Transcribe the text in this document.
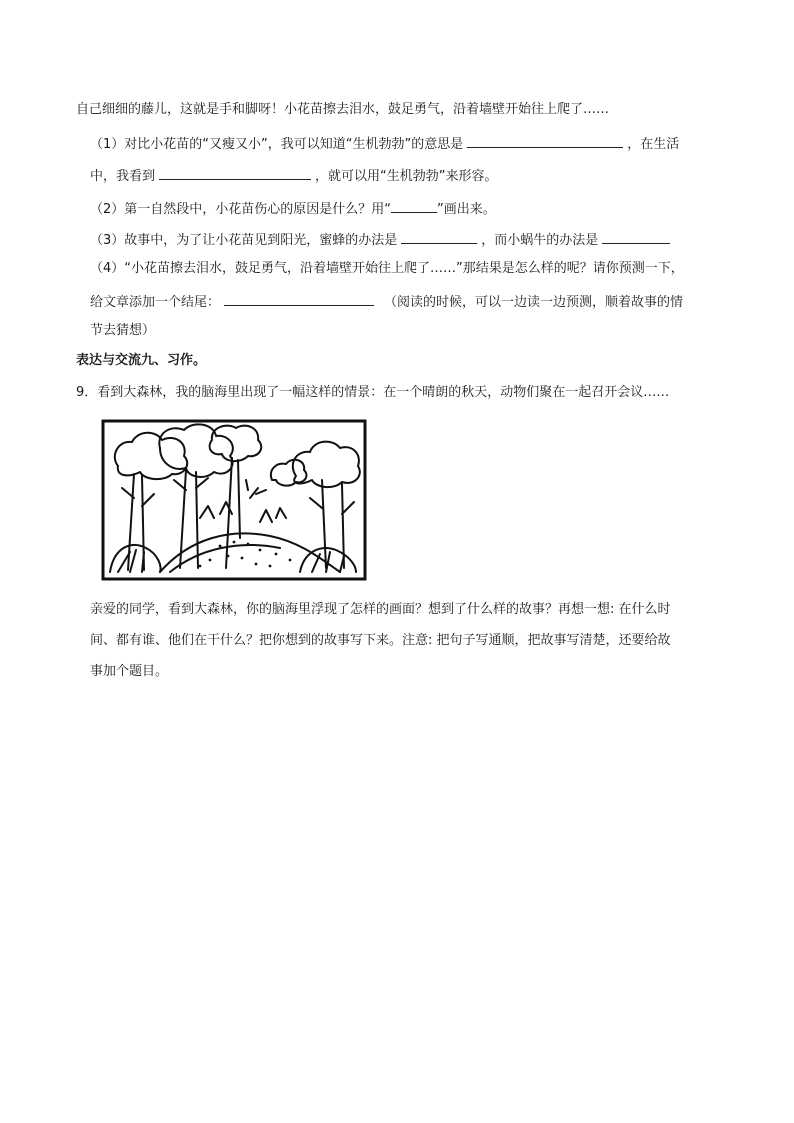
自己细细的藤儿，这就是手和脚呀！小花苗擦去泪水，鼓足勇气，沿着墙壁开始往上爬了……
（1）对比小花苗的“又瘦又小”，我可以知道“生机勃勃”的意思是	，在生活
中，我看到	，就可以用“生机勃勃”来形容。
（2）第一自然段中，小花苗伤心的原因是什么？用“	”画出来。
（3）故事中，为了让小花苗见到阳光，蜜蜂的办法是	，而小蜗牛的办法是
（4）“小花苗擦去泪水，鼓足勇气，沿着墙壁开始往上爬了……”那结果是怎么样的呢？请你预测一下，
给文章添加一个结尾：	（阅读的时候，可以一边读一边预测，顺着故事的情
节去猜想）
表达与交流九、习作。
9．看到大森林，我的脑海里出现了一幅这样的情景：在一个晴朗的秋天，动物们聚在一起召开会议……
亲爱的同学，看到大森林，你的脑海里浮现了怎样的画面？想到了什么样的故事？再想一想: 在什么时
间、都有谁、他们在干什么？把你想到的故事写下来。注意: 把句子写通顺，把故事写清楚，还要给故
事加个题目。
